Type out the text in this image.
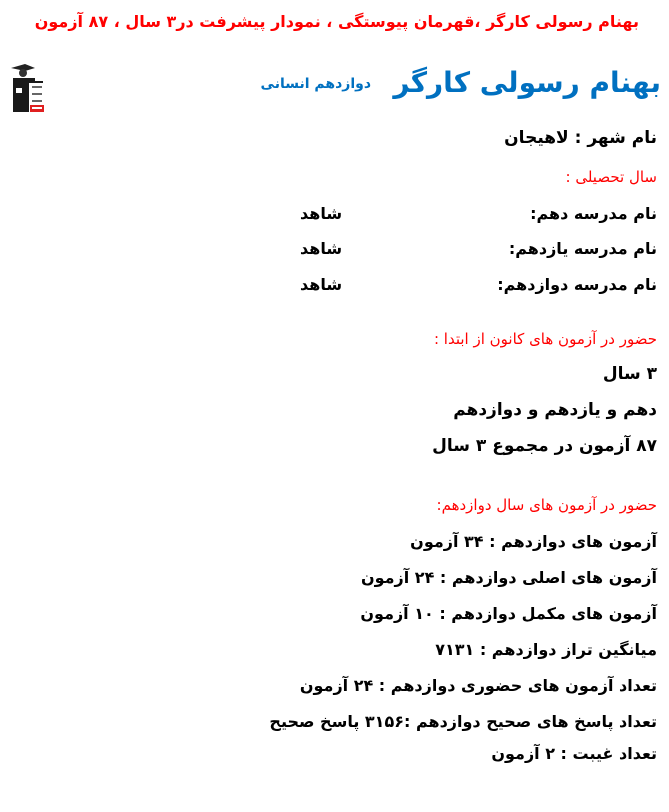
بهنام رسولی کارگر ،قهرمان پیوستگی ، نمودار پیشرفت در۳ سال ، ۸۷ آزمون
بهنام رسولی کارگر
دوازدهم انسانی
نام شهر : لاهیجان
سال تحصیلی :
نام مدرسه دهم:
شاهد
نام مدرسه یازدهم:
شاهد
نام مدرسه دوازدهم:
شاهد
حضور در آزمون های کانون از ابتدا :
۳ سال
دهم و یازدهم و دوازدهم
۸۷ آزمون در مجموع ۳ سال
حضور در آزمون های سال دوازدهم:
آزمون های دوازدهم : ۳۴ آزمون
آزمون های اصلی دوازدهم : ۲۴ آزمون
آزمون های مکمل دوازدهم : ۱۰ آزمون
میانگین تراز دوازدهم : ۷۱۳۱
تعداد آزمون های حضوری دوازدهم : ۲۴ آزمون
تعداد پاسخ های صحیح دوازدهم :۳۱۵۶ پاسخ صحیح
تعداد غیبت : ۲ آزمون
